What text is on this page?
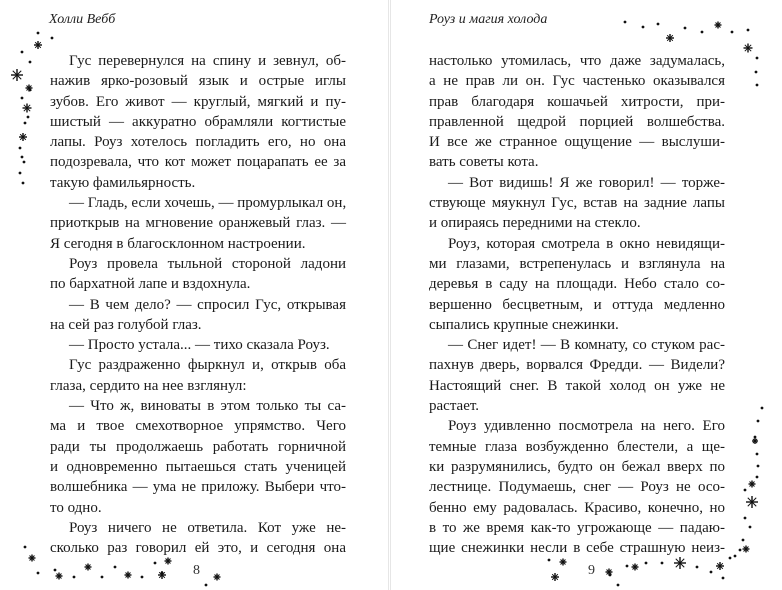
Холли Вебб
Гус перевернулся на спину и зевнул, об-
нажив ярко-розовый язык и острые иглы
зубов. Его живот — круглый, мягкий и пу-
шистый — аккуратно обрамляли когтистые
лапы. Роуз хотелось погладить его, но она
подозревала, что кот может поцарапать ее за
такую фамильярность.
— Гладь, если хочешь, — промурлыкал он,
приоткрыв на мгновение оранжевый глаз. —
Я сегодня в благосклонном настроении.
Роуз провела тыльной стороной ладони
по бархатной лапе и вздохнула.
— В чем дело? — спросил Гус, открывая
на сей раз голубой глаз.
— Просто устала... — тихо сказала Роуз.
Гус раздраженно фыркнул и, открыв оба
глаза, сердито на нее взглянул:
— Что ж, виноваты в этом только ты са-
ма и твое смехотворное упрямство. Чего
ради ты продолжаешь работать горничной
и одновременно пытаешься стать ученицей
волшебника — ума не приложу. Выбери что-
то одно.
Роуз ничего не ответила. Кот уже не-
сколько раз говорил ей это, и сегодня она
8
Роуз и магия холода
настолько утомилась, что даже задумалась,
а не прав ли он. Гус частенько оказывался
прав благодаря кошачьей хитрости, при-
правленной щедрой порцией волшебства.
И все же странное ощущение — выслуши-
вать советы кота.
— Вот видишь! Я же говорил! — торже-
ствующе мяукнул Гус, встав на задние лапы
и опираясь передними на стекло.
Роуз, которая смотрела в окно невидящи-
ми глазами, встрепенулась и взглянула на
деревья в саду на площади. Небо стало со-
вершенно бесцветным, и оттуда медленно
сыпались крупные снежинки.
— Снег идет! — В комнату, со стуком рас-
пахнув дверь, ворвался Фредди. — Видели?
Настоящий снег. В такой холод он уже не
растает.
Роуз удивленно посмотрела на него. Его
темные глаза возбужденно блестели, а ще-
ки разрумянились, будто он бежал вверх по
лестнице. Подумаешь, снег — Роуз не осо-
бенно ему радовалась. Красиво, конечно, но
в то же время как-то угрожающе — падаю-
щие снежинки несли в себе страшную неиз-
9
